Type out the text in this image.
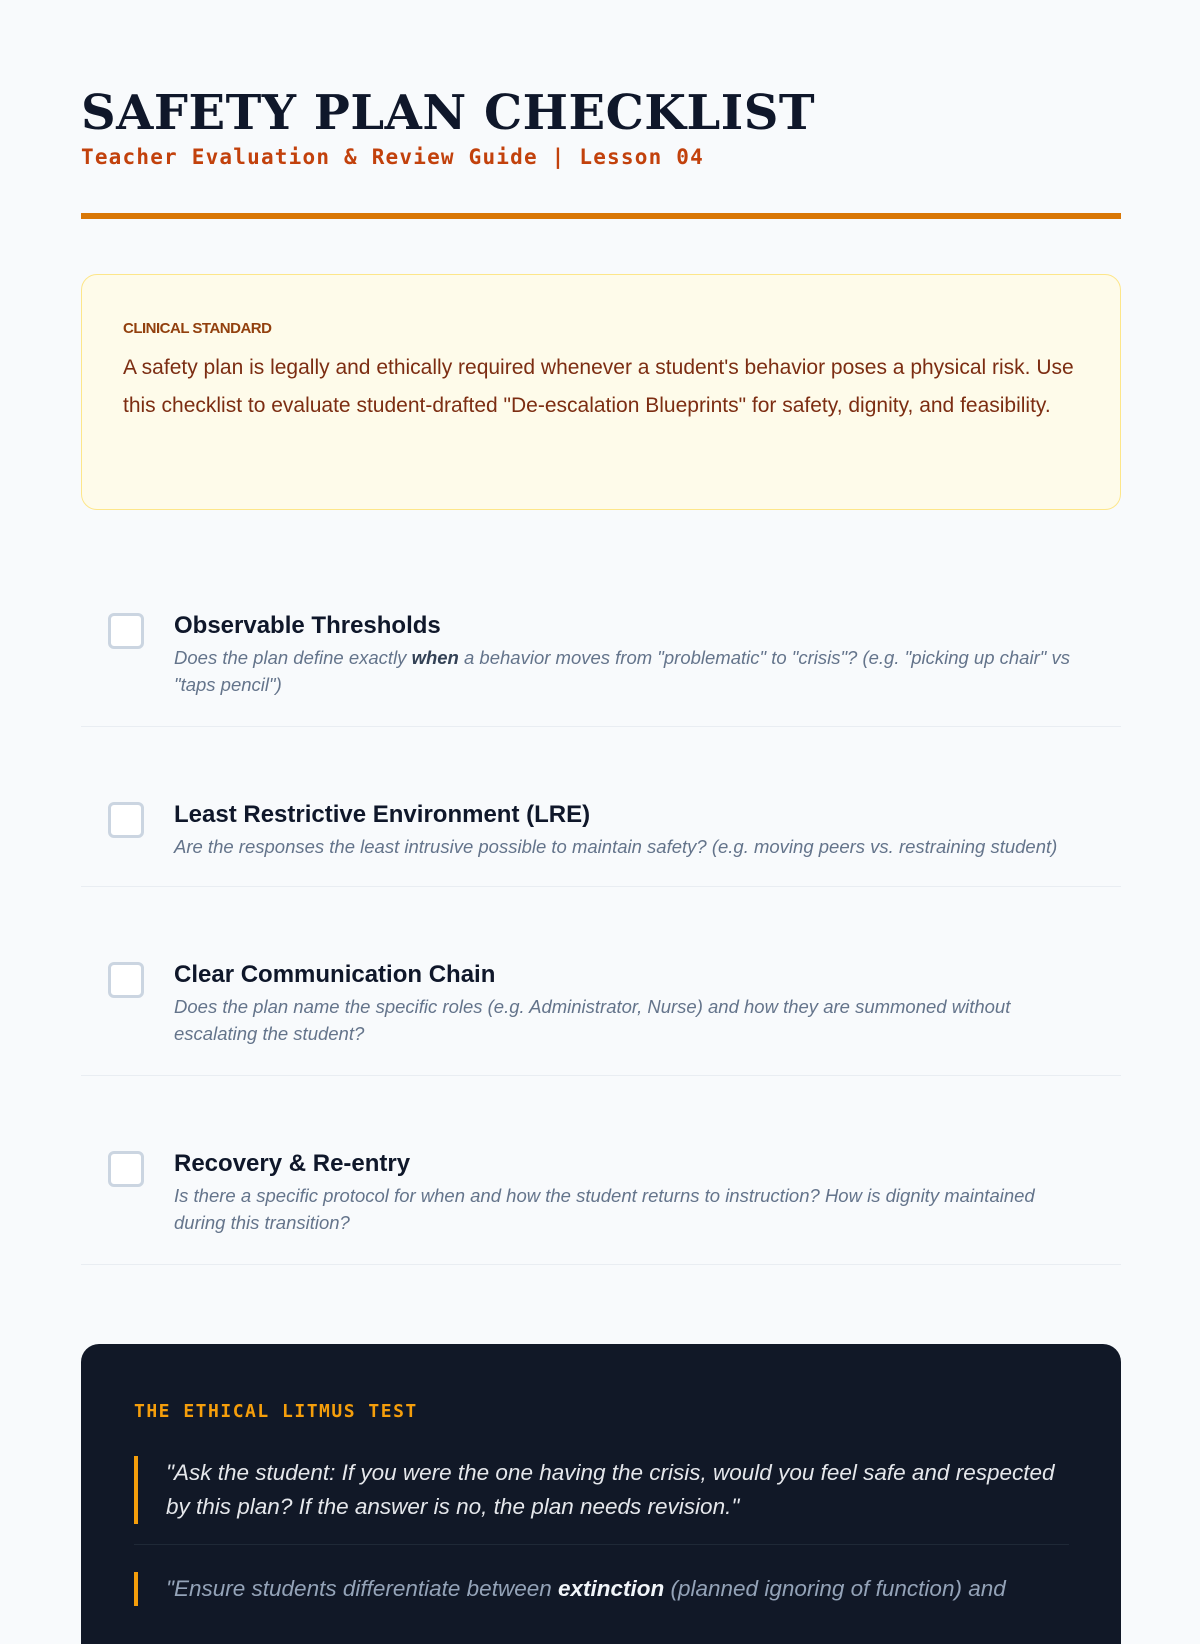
SAFETY PLAN CHECKLIST
Teacher Evaluation & Review Guide | Lesson 04

CLINICAL STANDARD

A safety plan is legally and ethically required whenever a student's behavior poses a physical risk. Use this checklist to evaluate student-drafted "De-escalation Blueprints" for safety, dignity, and feasibility.

Observable Thresholds

Does the plan define exactly when a behavior moves from "problematic" to "crisis"? (e.g. "picking up chair" vs "taps pencil")

Least Restrictive Environment (LRE)

Are the responses the least intrusive possible to maintain safety? (e.g. moving peers vs. restraining student)

Clear Communication Chain

Does the plan name the specific roles (e.g. Administrator, Nurse) and how they are summoned without escalating the student?

Recovery & Re-entry

Is there a specific protocol for when and how the student returns to instruction? How is dignity maintained during this transition?

THE ETHICAL LITMUS TEST

"Ask the student: If you were the one having the crisis, would you feel safe and respected by this plan? If the answer is no, the plan needs revision."

"Ensure students differentiate between extinction (planned ignoring of function) and
